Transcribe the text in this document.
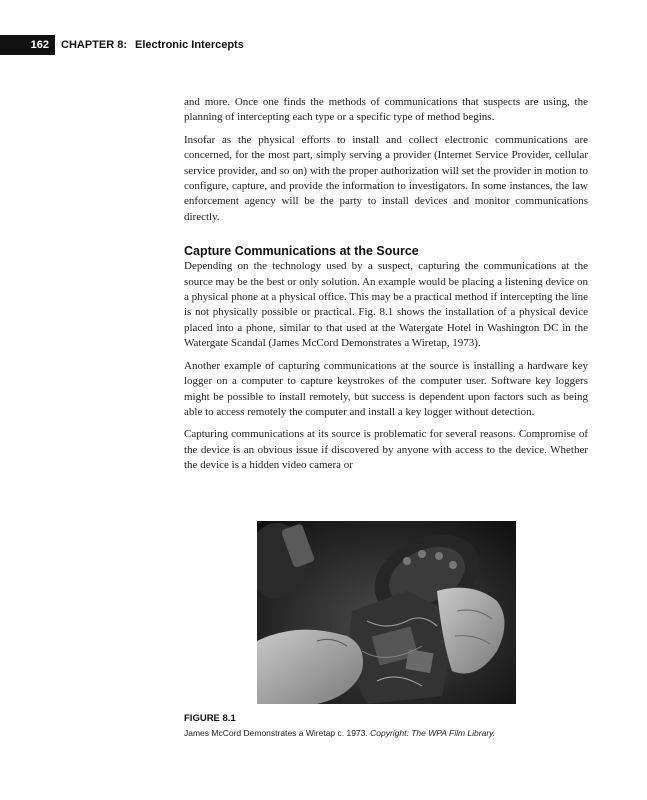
162	CHAPTER 8: Electronic Intercepts

and more. Once one finds the methods of communications that suspects are using, the planning of intercepting each type or a specific type of method begins.

Insofar as the physical efforts to install and collect electronic communications are concerned, for the most part, simply serving a provider (Internet Service Provider, cellular service provider, and so on) with the proper authorization will set the provider in motion to configure, capture, and provide the information to investigators. In some instances, the law enforcement agency will be the party to install devices and monitor communications directly.

Capture Communications at the Source

Depending on the technology used by a suspect, capturing the communications at the source may be the best or only solution. An example would be placing a listening device on a physical phone at a physical office. This may be a practical method if intercepting the line is not physically possible or practical. Fig. 8.1 shows the installation of a physical device placed into a phone, similar to that used at the Watergate Hotel in Washington DC in the Watergate Scandal (James McCord Demonstrates a Wiretap, 1973).

Another example of capturing communications at the source is installing a hardware key logger on a computer to capture keystrokes of the computer user. Software key loggers might be possible to install remotely, but success is dependent upon factors such as being able to access remotely the computer and install a key logger without detection.

Capturing communications at its source is problematic for several reasons. Compromise of the device is an obvious issue if discovered by anyone with access to the device. Whether the device is a hidden video camera or

FIGURE 8.1
James McCord Demonstrates a Wiretap c. 1973. Copyright: The WPA Film Library.
